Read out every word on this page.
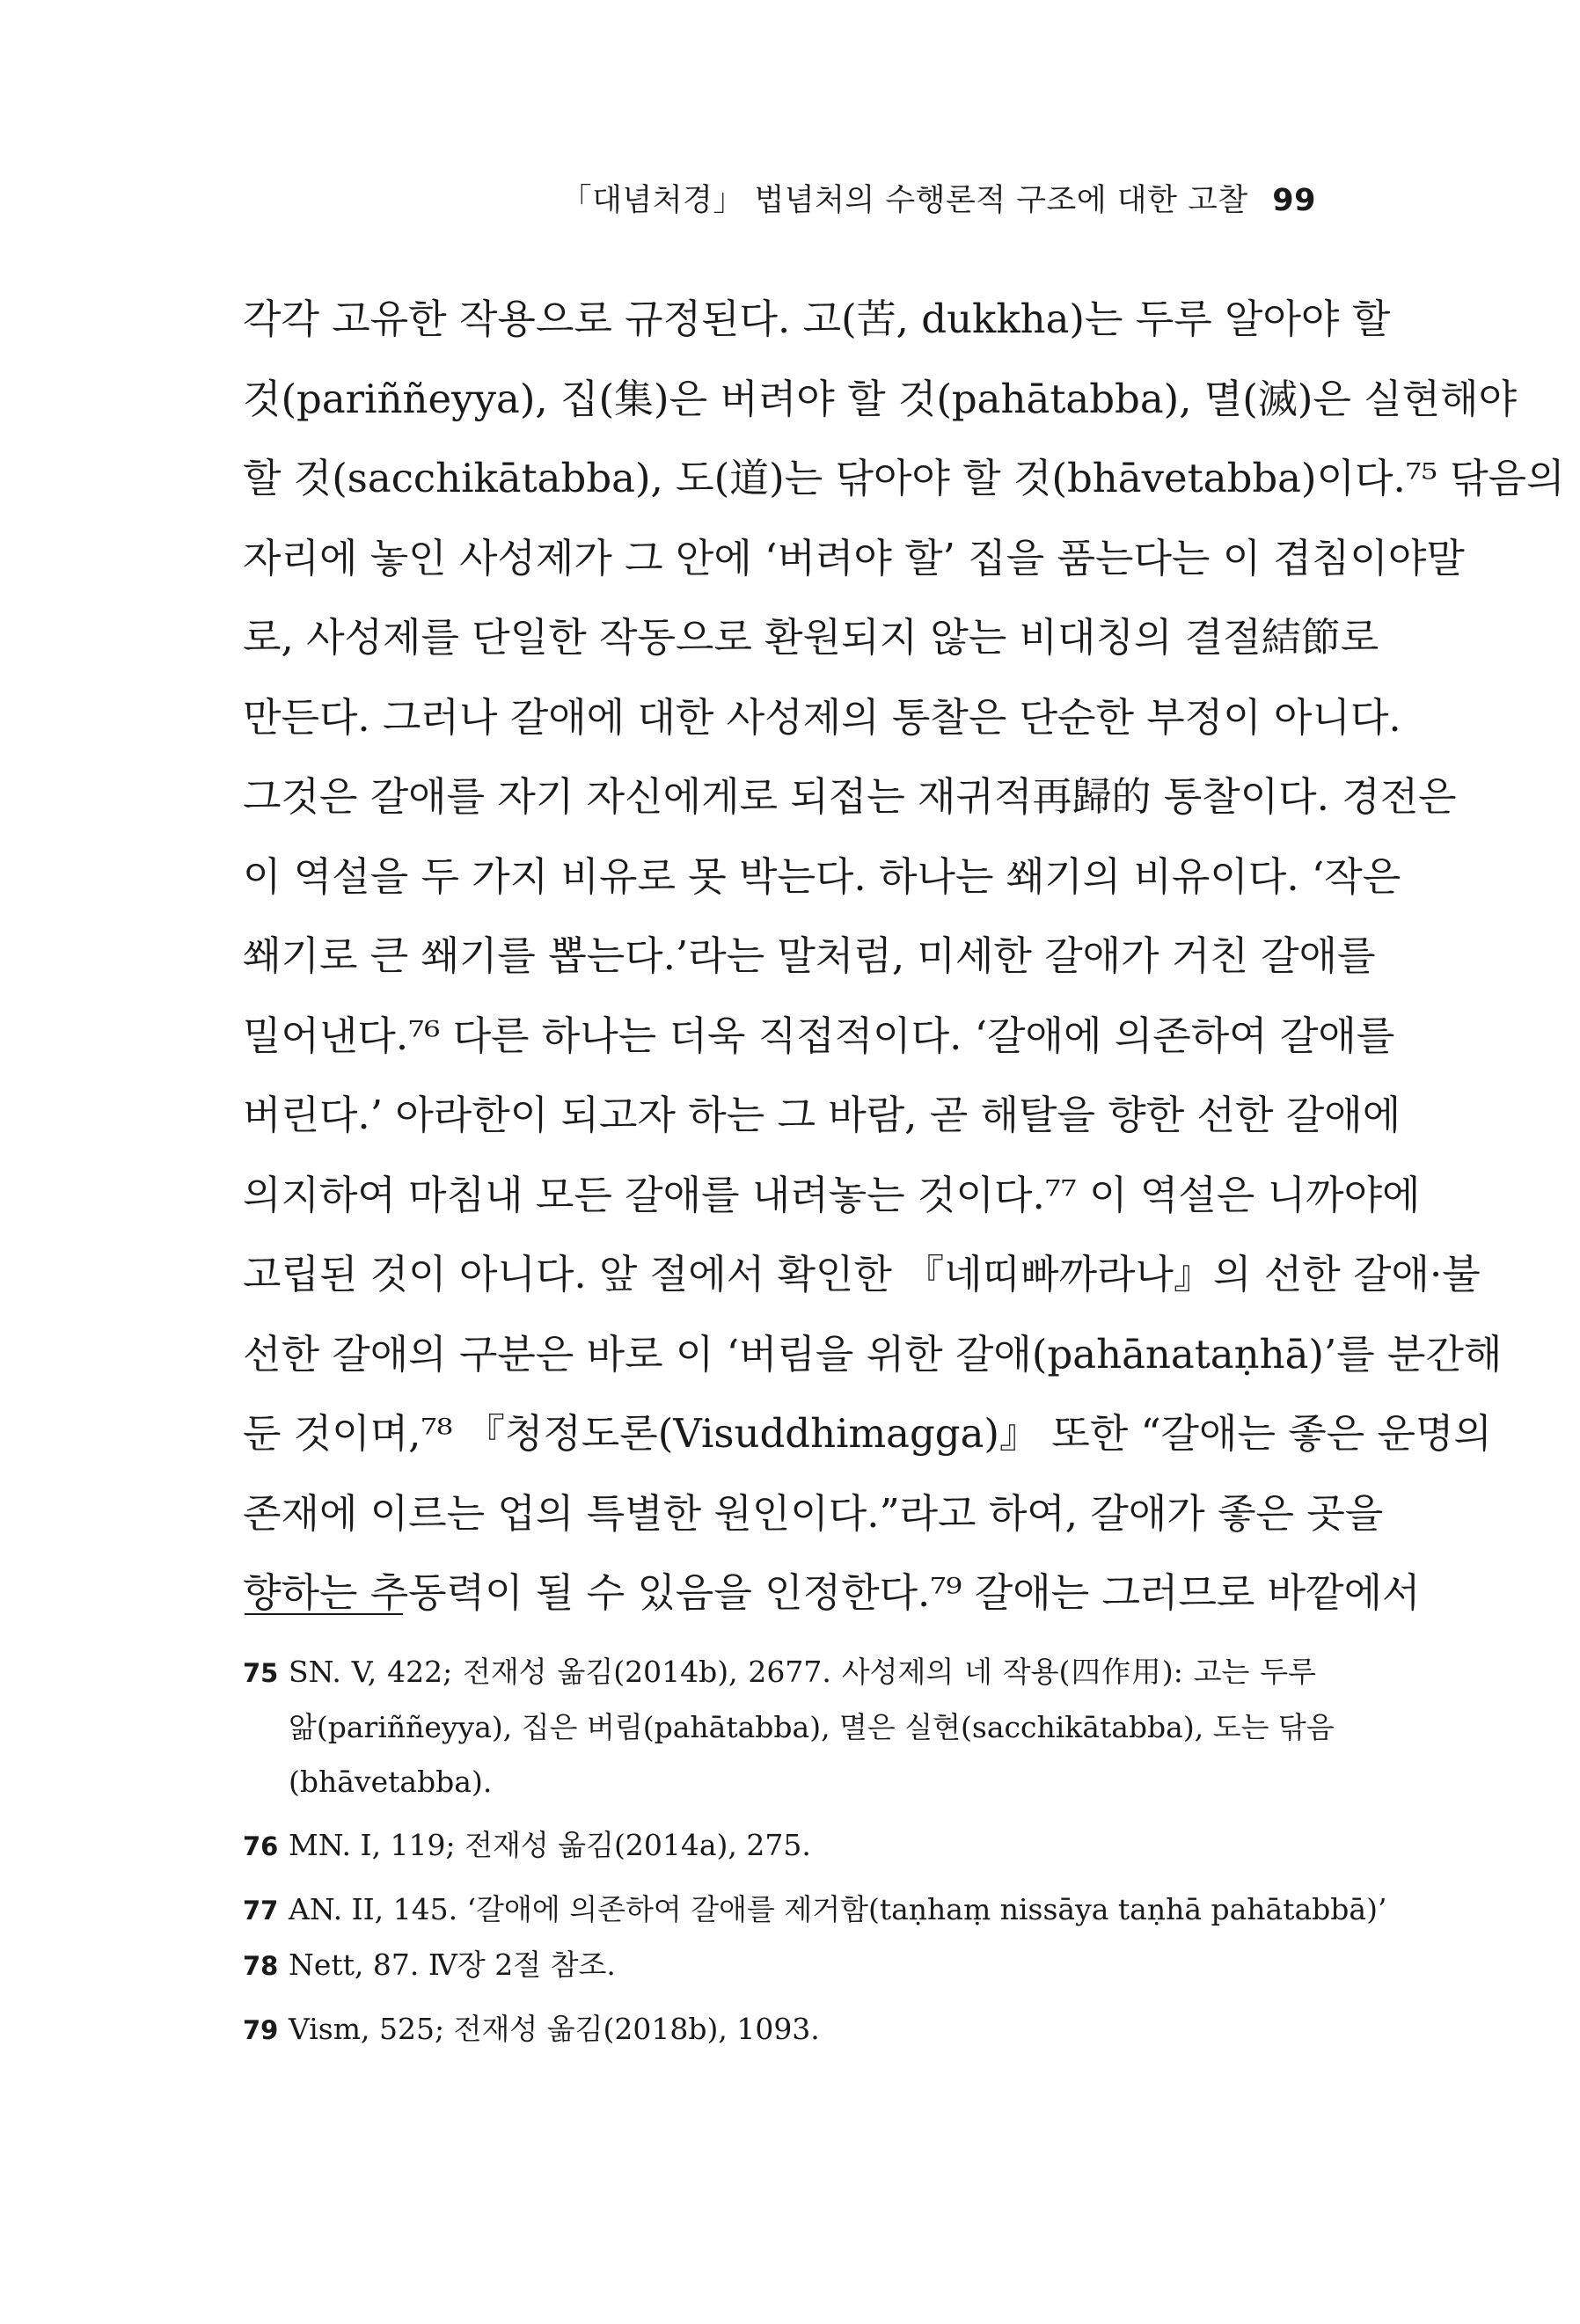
「대념처경」 법념처의 수행론적 구조에 대한 고찰 99
각각 고유한 작용으로 규정된다. 고(苦, dukkha)는 두루 알아야 할
것(pariññeyya), 집(集)은 버려야 할 것(pahātabba), 멸(滅)은 실현해야
할 것(sacchikātabba), 도(道)는 닦아야 할 것(bhāvetabba)이다.⁷⁵ 닦음의
자리에 놓인 사성제가 그 안에 ‘버려야 할’ 집을 품는다는 이 겹침이야말
로, 사성제를 단일한 작동으로 환원되지 않는 비대칭의 결절結節로
만든다. 그러나 갈애에 대한 사성제의 통찰은 단순한 부정이 아니다.
그것은 갈애를 자기 자신에게로 되접는 재귀적再歸的 통찰이다. 경전은
이 역설을 두 가지 비유로 못 박는다. 하나는 쐐기의 비유이다. ‘작은
쐐기로 큰 쐐기를 뽑는다.’라는 말처럼, 미세한 갈애가 거친 갈애를
밀어낸다.⁷⁶ 다른 하나는 더욱 직접적이다. ‘갈애에 의존하여 갈애를
버린다.’ 아라한이 되고자 하는 그 바람, 곧 해탈을 향한 선한 갈애에
의지하여 마침내 모든 갈애를 내려놓는 것이다.⁷⁷ 이 역설은 니까야에
고립된 것이 아니다. 앞 절에서 확인한 『네띠빠까라나』의 선한 갈애·불
선한 갈애의 구분은 바로 이 ‘버림을 위한 갈애(pahānataṇhā)’를 분간해
둔 것이며,⁷⁸ 『청정도론(Visuddhimagga)』 또한 “갈애는 좋은 운명의
존재에 이르는 업의 특별한 원인이다.”라고 하여, 갈애가 좋은 곳을
향하는 추동력이 될 수 있음을 인정한다.⁷⁹ 갈애는 그러므로 바깥에서
75 SN. V, 422; 전재성 옮김(2014b), 2677. 사성제의 네 작용(四作用): 고는 두루
앎(pariññeyya), 집은 버림(pahātabba), 멸은 실현(sacchikātabba), 도는 닦음
(bhāvetabba).
76 MN. I, 119; 전재성 옮김(2014a), 275.
77 AN. II, 145. ‘갈애에 의존하여 갈애를 제거함(taṇhaṃ nissāya taṇhā pahātabbā)’
78 Nett, 87. Ⅳ장 2절 참조.
79 Vism, 525; 전재성 옮김(2018b), 1093.
